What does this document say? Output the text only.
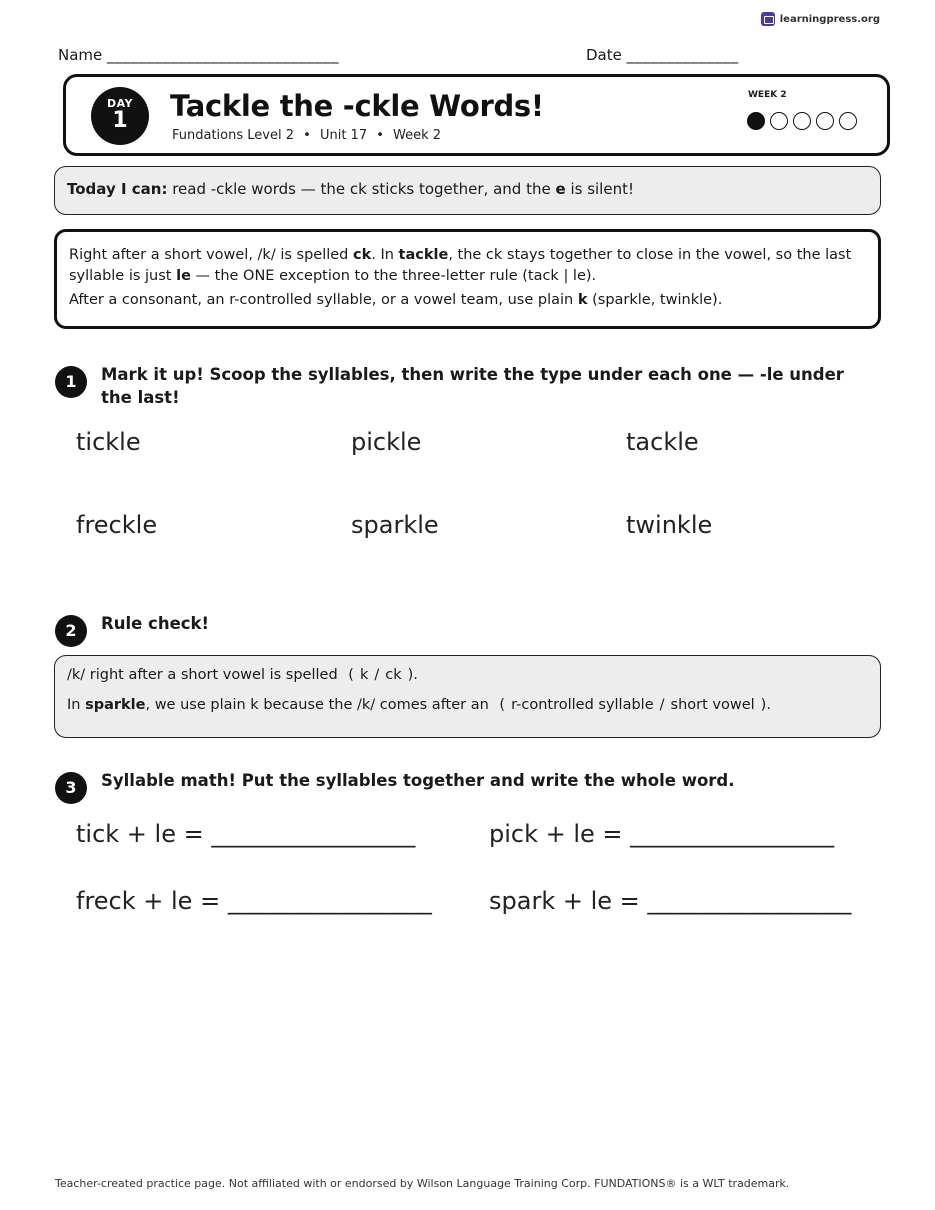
learningpress.org
Name _____________________________	Date ______________
DAY
1	Tackle the -ckle Words!
Fundations Level 2 • Unit 17 • Week 2
WEEK 2
Today I can: read -ckle words — the ck sticks together, and the e is silent!

Right after a short vowel, /k/ is spelled ck. In tackle, the ck stays together to close in the vowel, so the last syllable is just le — the ONE exception to the three-letter rule (tack | le).

After a consonant, an r-controlled syllable, or a vowel team, use plain k (sparkle, twinkle).

1	Mark it up! Scoop the syllables, then write the type under each one — -le under the last!
tickle	pickle	tackle
freckle	sparkle	twinkle
2	Rule check!

/k/ right after a short vowel is spelled ( k / ck ).

In sparkle, we use plain k because the /k/ comes after an ( r-controlled syllable / short vowel ).

3	Syllable math! Put the syllables together and write the whole word.
tick + le = _________________	pick + le = _________________
freck + le = _________________ spark + le = _________________
Teacher-created practice page. Not affiliated with or endorsed by Wilson Language Training Corp. FUNDATIONS® is a WLT trademark.
